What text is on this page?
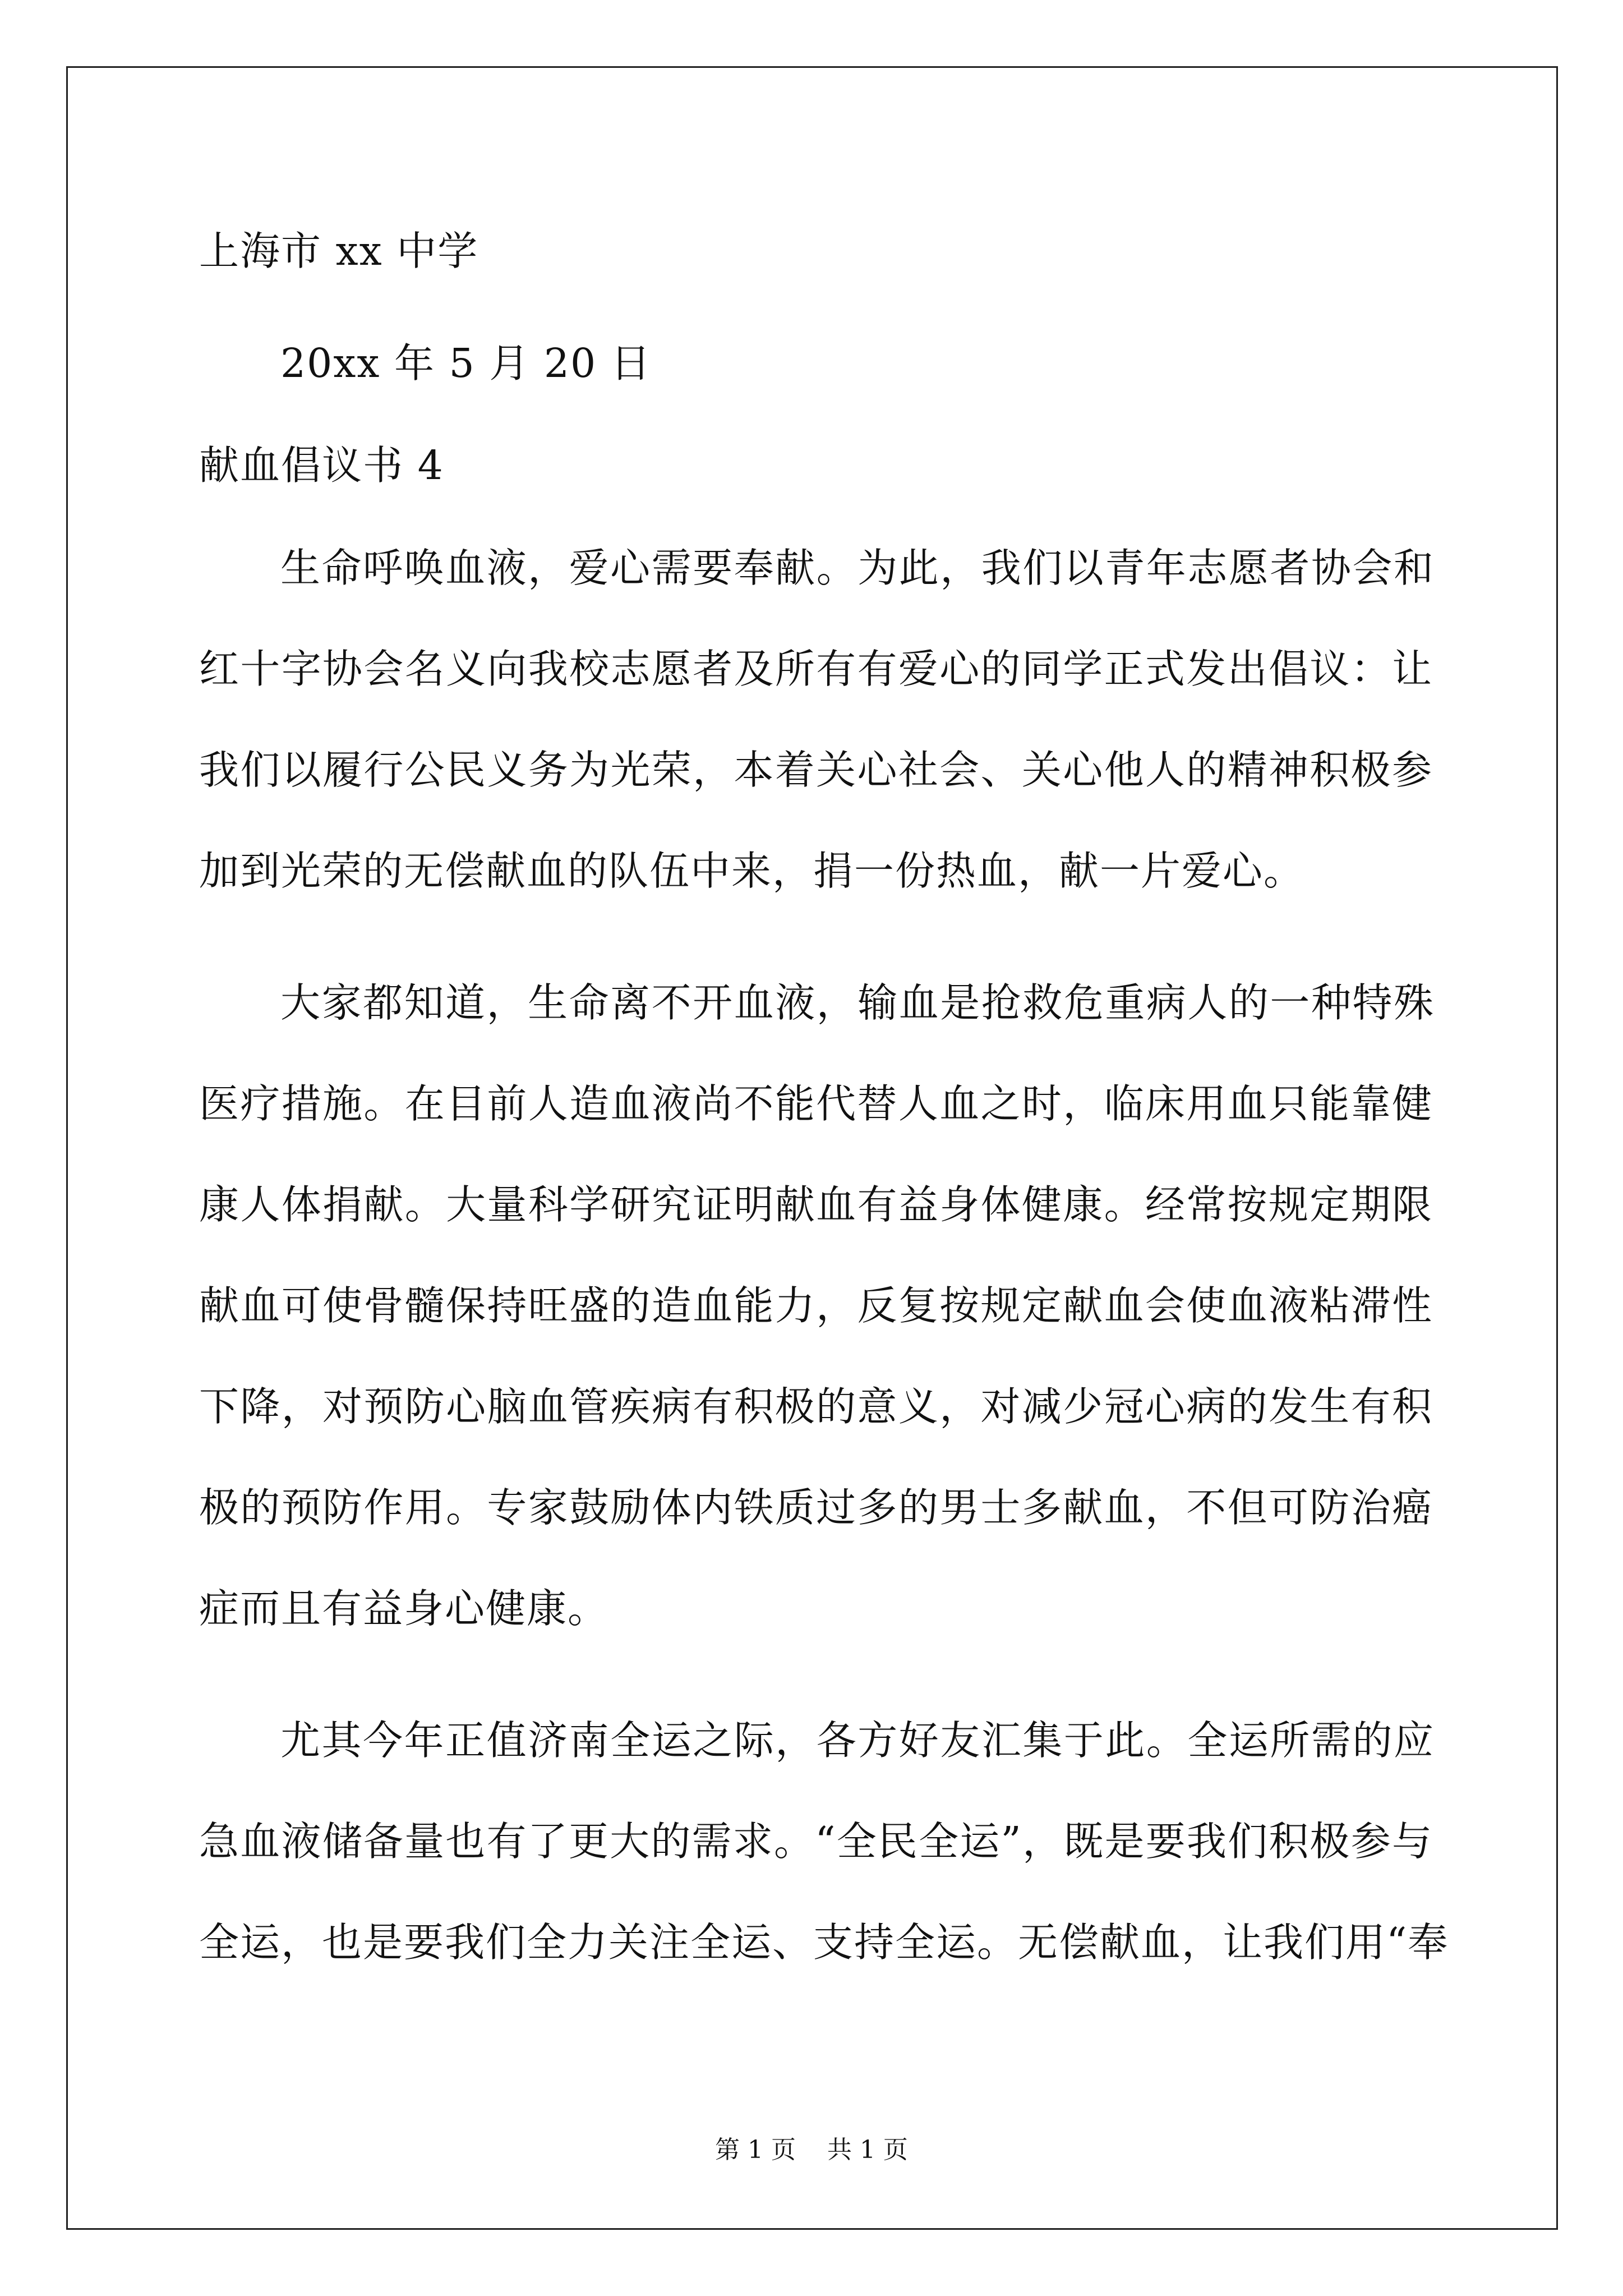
上海市 xx 中学
20xx 年 5 月 20 日
献血倡议书 4
生命呼唤血液，爱心需要奉献。为此，我们以青年志愿者协会和
红十字协会名义向我校志愿者及所有有爱心的同学正式发出倡议：让
我们以履行公民义务为光荣，本着关心社会、关心他人的精神积极参
加到光荣的无偿献血的队伍中来，捐一份热血，献一片爱心。
大家都知道，生命离不开血液，输血是抢救危重病人的一种特殊
医疗措施。在目前人造血液尚不能代替人血之时，临床用血只能靠健
康人体捐献。大量科学研究证明献血有益身体健康。经常按规定期限
献血可使骨髓保持旺盛的造血能力，反复按规定献血会使血液粘滞性
下降，对预防心脑血管疾病有积极的意义，对减少冠心病的发生有积
极的预防作用。专家鼓励体内铁质过多的男士多献血，不但可防治癌
症而且有益身心健康。
尤其今年正值济南全运之际，各方好友汇集于此。全运所需的应
急血液储备量也有了更大的需求。“全民全运”，既是要我们积极参与
全运，也是要我们全力关注全运、支持全运。无偿献血，让我们用“奉
第 1 页    共 1 页
